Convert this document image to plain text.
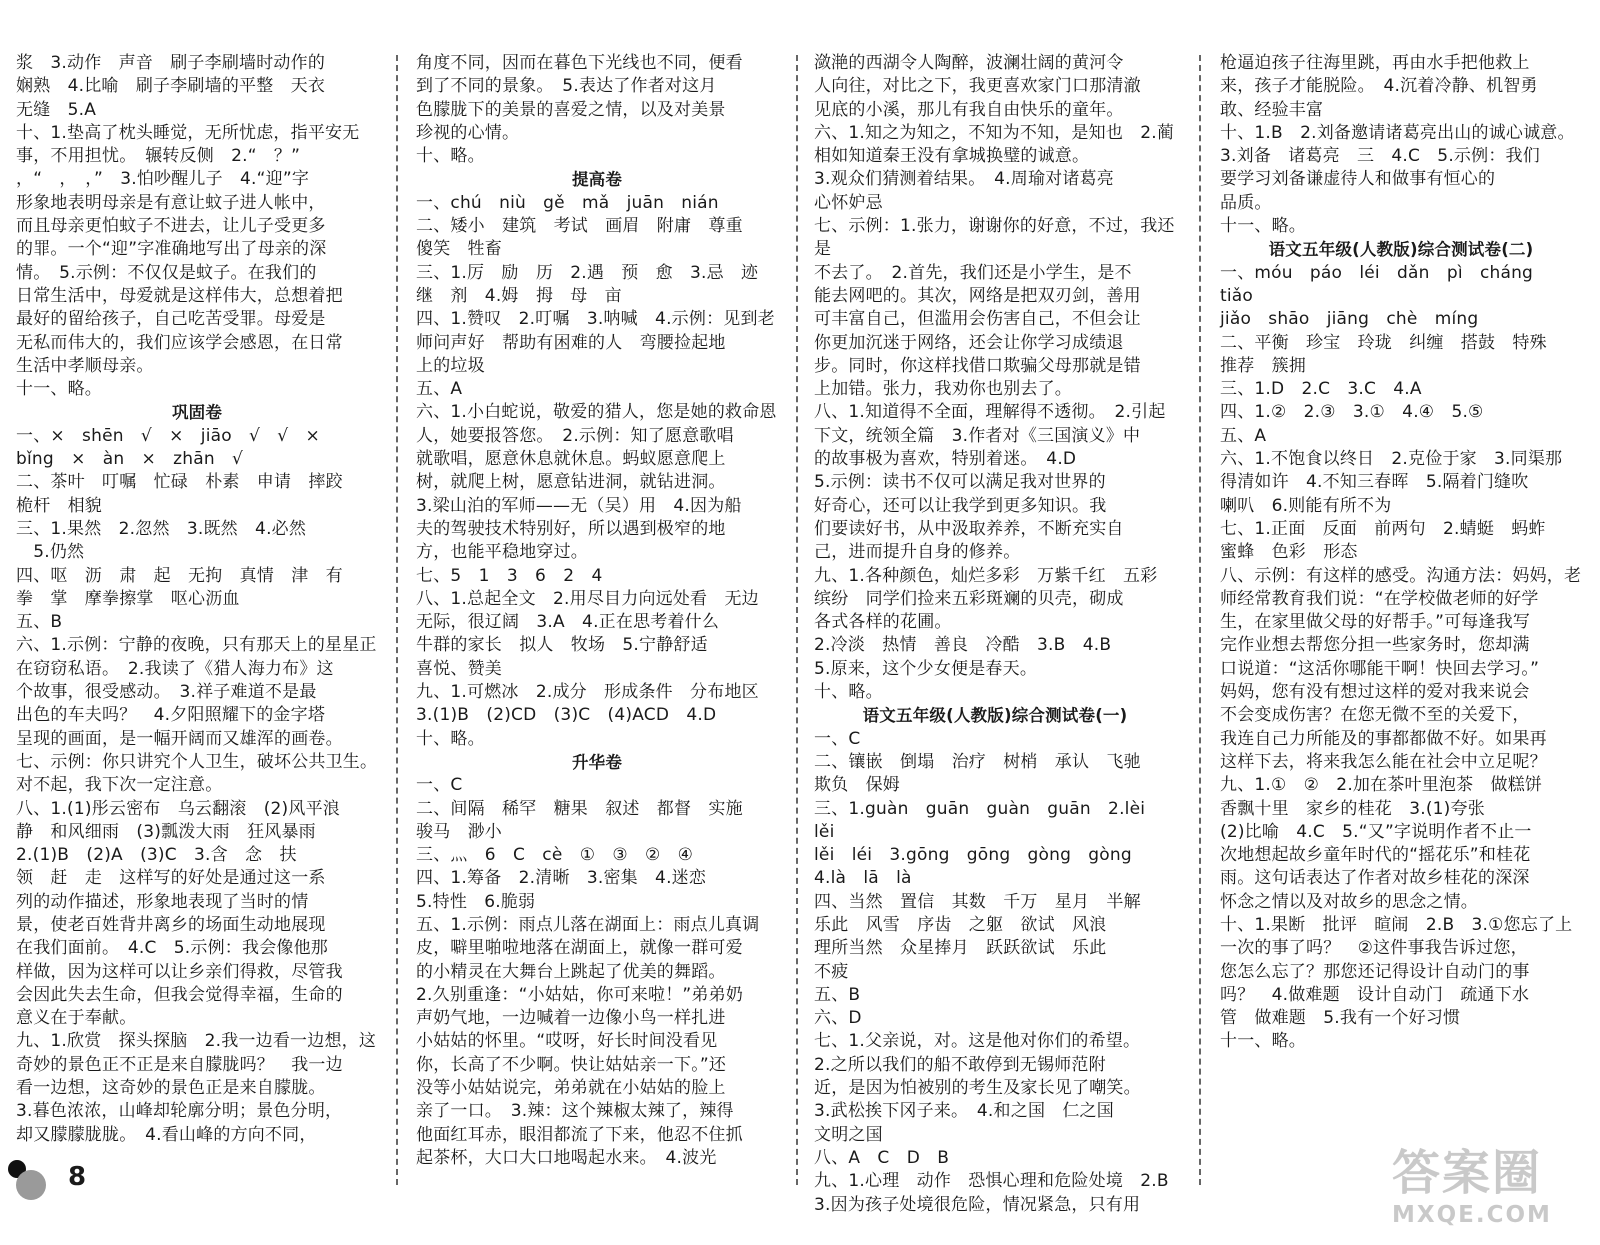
浆　3.动作　声音　刷子李刷墙时动作的

娴熟　4.比喻　刷子李刷墙的平整　天衣

无缝　5.A

十、1.垫高了枕头睡觉，无所忧虑，指平安无

事，不用担忧。　辗转反侧　2.“　？”

，“　，　，”　3.怕吵醒儿子　4.“迎”字

形象地表明母亲是有意让蚊子进人帐中，

而且母亲更怕蚊子不进去，让儿子受更多

的罪。一个“迎”字准确地写出了母亲的深

情。　5.示例：不仅仅是蚊子。在我们的

日常生活中，母爱就是这样伟大，总想着把

最好的留给孩子，自己吃苦受罪。母爱是

无私而伟大的，我们应该学会感恩，在日常

生活中孝顺母亲。

十一、略。

巩固卷

一、×　shēn　√　×　jiāo　√　√　×

bǐng　×　àn　×　zhān　√

二、茶叶　叮嘱　忙碌　朴素　申请　摔跤

桅杆　相貌

三、1.果然　2.忽然　3.既然　4.必然

　5.仍然

四、呕　沥　肃　起　无拘　真情　津　有

拳　掌　摩拳擦掌　呕心沥血

五、B

六、1.示例：宁静的夜晚，只有那天上的星星正

在窃窃私语。　2.我读了《猎人海力布》这

个故事，很受感动。　3.祥子难道不是最

出色的车夫吗？　4.夕阳照耀下的金字塔

呈现的画面，是一幅开阔而又雄浑的画卷。

七、示例：你只讲究个人卫生，破坏公共卫生。

对不起，我下次一定注意。

八、1.(1)彤云密布　乌云翻滚　(2)风平浪

静　和风细雨　(3)瓢泼大雨　狂风暴雨

2.(1)B　(2)A　(3)C　3.含　念　扶

领　赶　走　这样写的好处是通过这一系

列的动作描述，形象地表现了当时的情

景，使老百姓背井离乡的场面生动地展现

在我们面前。　4.C　5.示例：我会像他那

样做，因为这样可以让乡亲们得救，尽管我

会因此失去生命，但我会觉得幸福，生命的

意义在于奉献。

九、1.欣赏　探头探脑　2.我一边看一边想，这

奇妙的景色正不正是来自朦胧吗？　我一边

看一边想，这奇妙的景色正是来自朦胧。

3.暮色浓浓，山峰却轮廓分明；景色分明，

却又朦朦胧胧。　4.看山峰的方向不同，

角度不同，因而在暮色下光线也不同，便看

到了不同的景象。　5.表达了作者对这月

色朦胧下的美景的喜爱之情，以及对美景

珍视的心情。

十、略。

提高卷

一、chú　niù　gě　mǎ　juān　nián

二、矮小　建筑　考试　画眉　附庸　尊重

傻笑　牲畜

三、1.厉　励　历　2.遇　预　愈　3.忌　迹

继　剂　4.姆　拇　母　亩

四、1.赞叹　2.叮嘱　3.呐喊　4.示例：见到老

师问声好　帮助有困难的人　弯腰捡起地

上的垃圾

五、A

六、1.小白蛇说，敬爱的猎人，您是她的救命恩

人，她要报答您。　2.示例：知了愿意歌唱

就歌唱，愿意休息就休息。蚂蚁愿意爬上

树，就爬上树，愿意钻进洞，就钻进洞。

3.梁山泊的军师——无（吴）用　4.因为船

夫的驾驶技术特别好，所以遇到极窄的地

方，也能平稳地穿过。

七、5　1　3　6　2　4

八、1.总起全文　2.用尽目力向远处看　无边

无际，很辽阔　3.A　4.正在思考着什么

牛群的家长　拟人　牧场　5.宁静舒适

喜悦、赞美

九、1.可燃冰　2.成分　形成条件　分布地区

3.(1)B　(2)CD　(3)C　(4)ACD　4.D

十、略。

升华卷

一、C

二、间隔　稀罕　糖果　叙述　都督　实施

骏马　渺小

三、灬　6　C　cè　①　③　②　④

四、1.筹备　2.清晰　3.密集　4.迷恋

5.特性　6.脆弱

五、1.示例：雨点儿落在湖面上：雨点儿真调

皮，噼里啪啦地落在湖面上，就像一群可爱

的小精灵在大舞台上跳起了优美的舞蹈。

2.久别重逢：“小姑姑，你可来啦！”弟弟奶

声奶气地，一边喊着一边像小鸟一样扎进

小姑姑的怀里。“哎呀，好长时间没看见

你，长高了不少啊。快让姑姑亲一下。”还

没等小姑姑说完，弟弟就在小姑姑的脸上

亲了一口。　3.辣：这个辣椒太辣了，辣得

他面红耳赤，眼泪都流了下来，他忍不住抓

起茶杯，大口大口地喝起水来。　4.波光

潋滟的西湖令人陶醉，波澜壮阔的黄河令

人向往，对比之下，我更喜欢家门口那清澈

见底的小溪，那儿有我自由快乐的童年。

六、1.知之为知之，不知为不知，是知也　2.蔺

相如知道秦王没有拿城换璧的诚意。

3.观众们猜测着结果。　4.周瑜对诸葛亮

心怀妒忌

七、示例：1.张力，谢谢你的好意，不过，我还是

不去了。　2.首先，我们还是小学生，是不

能去网吧的。其次，网络是把双刃剑，善用

可丰富自己，但滥用会伤害自己，不但会让

你更加沉迷于网络，还会让你学习成绩退

步。同时，你这样找借口欺骗父母那就是错

上加错。张力，我劝你也别去了。

八、1.知道得不全面，理解得不透彻。　2.引起

下文，统领全篇　3.作者对《三国演义》中

的故事极为喜欢，特别着迷。　4.D

5.示例：读书不仅可以满足我对世界的

好奇心，还可以让我学到更多知识。我

们要读好书，从中汲取养养，不断充实自

己，进而提升自身的修养。

九、1.各种颜色，灿烂多彩　万紫千红　五彩

缤纷　同学们捡来五彩斑斓的贝壳，砌成

各式各样的花圃。

2.冷淡　热情　善良　冷酷　3.B　4.B

5.原来，这个少女便是春天。

十、略。

语文五年级(人教版)综合测试卷(一)

一、C

二、镶嵌　倒塌　治疗　树梢　承认　飞驰

欺负　保姆

三、1.guàn　guān　guàn　guān　2.lèi　lěi

lěi　léi　3.gōng　gōng　gòng　gòng

4.là　lā　là

四、当然　置信　其数　千万　星月　半解

乐此　风雪　序齿　之躯　欲试　风浪

理所当然　众星捧月　跃跃欲试　乐此

不疲

五、B

六、D

七、1.父亲说，对。这是他对你们的希望。

2.之所以我们的船不敢停到无锡师范附

近，是因为怕被别的考生及家长见了嘲笑。

3.武松挨下冈子来。　4.和之国　仁之国

文明之国

八、A　C　D　B

九、1.心理　动作　恐惧心理和危险处境　2.B

3.因为孩子处境很危险，情况紧急，只有用

枪逼迫孩子往海里跳，再由水手把他救上

来，孩子才能脱险。　4.沉着冷静、机智勇

敢、经验丰富

十、1.B　2.刘备邀请诸葛亮出山的诚心诚意。

3.刘备　诸葛亮　三　4.C　5.示例：我们

要学习刘备谦虚待人和做事有恒心的

品质。

十一、略。

语文五年级(人教版)综合测试卷(二)

一、móu　páo　léi　dǎn　pì　cháng　tiǎo

jiǎo　shāo　jiāng　chè　míng

二、平衡　珍宝　玲珑　纠缠　搭鼓　特殊

推荐　簇拥

三、1.D　2.C　3.C　4.A

四、1.②　2.③　3.①　4.④　5.⑤

五、A

六、1.不饱食以终日　2.克俭于家　3.同渠那

得清如许　4.不知三春晖　5.隔着门缝吹

喇叭　6.则能有所不为

七、1.正面　反面　前两句　2.蜻蜓　蚂蚱

蜜蜂　色彩　形态

八、示例：有这样的感受。沟通方法：妈妈，老

师经常教育我们说：“在学校做老师的好学

生，在家里做父母的好帮手。”可每逢我写

完作业想去帮您分担一些家务时，您却满

口说道：“这活你哪能干啊！快回去学习。”

妈妈，您有没有想过这样的爱对我来说会

不会变成伤害？在您无微不至的关爱下，

我连自己力所能及的事都都做不好。如果再

这样下去，将来我怎么能在社会中立足呢？

九、1.①　②　2.加在茶叶里泡茶　做糕饼

香飘十里　家乡的桂花　3.(1)夸张

(2)比喻　4.C　5.“又”字说明作者不止一

次地想起故乡童年时代的“摇花乐”和桂花

雨。这句话表达了作者对故乡桂花的深深

怀念之情以及对故乡的思念之情。

十、1.果断　批评　暄闹　2.B　3.①您忘了上

一次的事了吗？　②这件事我告诉过您，

您怎么忘了？那您还记得设计自动门的事

吗？　4.做难题　设计自动门　疏通下水

管　做难题　5.我有一个好习惯

十一、略。

8	答案圈
MXQE.COM
